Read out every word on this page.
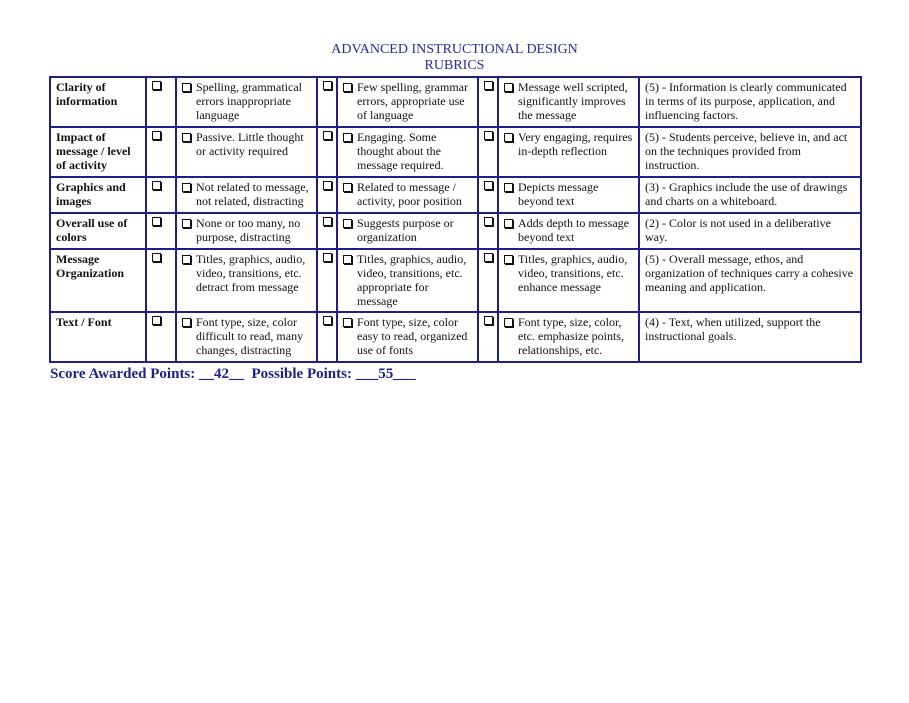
ADVANCED INSTRUCTIONAL DESIGN
RUBRICS
Clarity of information		Spelling, grammatical errors inappropriate language		Few spelling, grammar errors, appropriate use of language		Message well scripted, significantly improves the message	(5) - Information is clearly communicated in terms of its purpose, application, and influencing factors.
Impact of message / level of activity		Passive. Little thought or activity required		Engaging. Some thought about the message required.		Very engaging, requires in-depth reflection	(5) - Students perceive, believe in, and act on the techniques provided from instruction.
Graphics and images		Not related to message, not related, distracting		Related to message / activity, poor position		Depicts message beyond text	(3) - Graphics include the use of drawings and charts on a whiteboard.
Overall use of colors		None or too many, no purpose, distracting		Suggests purpose or organization		Adds depth to message beyond text	(2) - Color is not used in a deliberative way.
Message Organization		Titles, graphics, audio, video, transitions, etc. detract from message		Titles, graphics, audio, video, transitions, etc. appropriate for message		Titles, graphics, audio, video, transitions, etc. enhance message	(5) - Overall message, ethos, and organization of techniques carry a cohesive meaning and application.
Text / Font		Font type, size, color difficult to read, many changes, distracting		Font type, size, color easy to read, organized use of fonts		Font type, size, color, etc. emphasize points, relationships, etc.	(4) - Text, when utilized, support the instructional goals.
Score Awarded Points: __42__  Possible Points: ___55___
